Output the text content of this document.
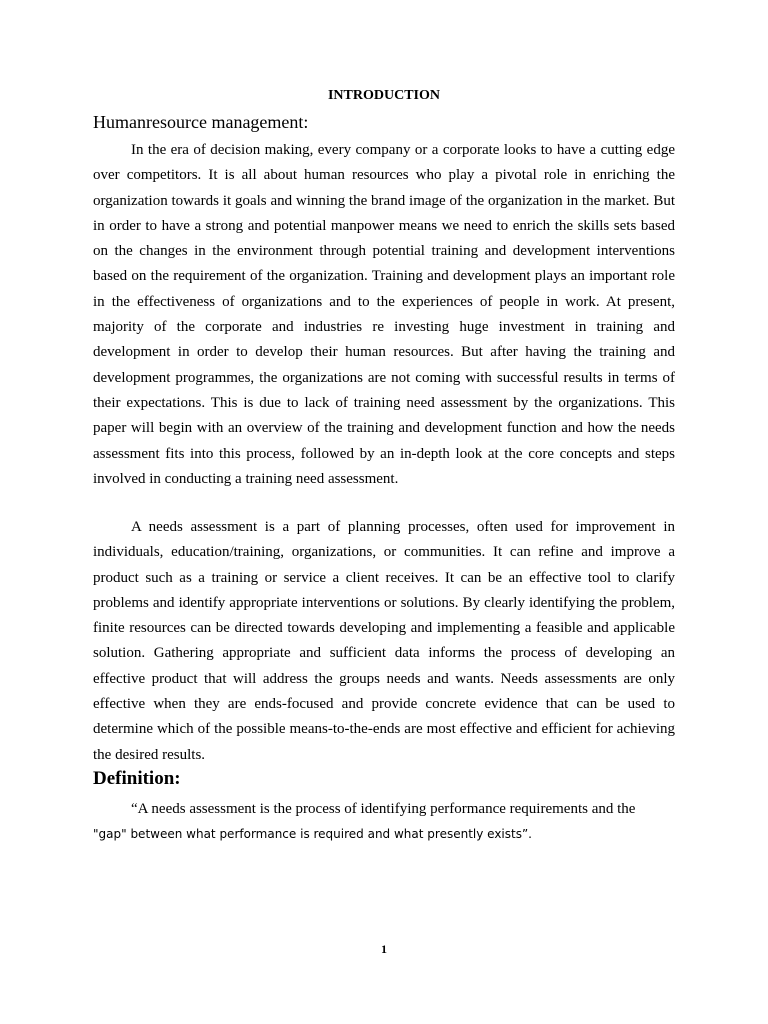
INTRODUCTION
Humanresource management:

In the era of decision making, every company or a corporate looks to have a cutting edge over competitors. It is all about human resources who play a pivotal role in enriching the organization towards it goals and winning the brand image of the organization in the market. But in order to have a strong and potential manpower means we need to enrich the skills sets based on the changes in the environment through potential training and development interventions based on the requirement of the organization. Training and development plays an important role in the effectiveness of organizations and to the experiences of people in work. At present, majority of the corporate and industries re investing huge investment in training and development in order to develop their human resources. But after having the training and development programmes, the organizations are not coming with successful results in terms of their expectations. This is due to lack of training need assessment by the organizations. This paper will begin with an overview of the training and development function and how the needs assessment fits into this process, followed by an in-depth look at the core concepts and steps involved in conducting a training need assessment.

A needs assessment is a part of planning processes, often used for improvement in individuals, education/training, organizations, or communities. It can refine and improve a product such as a training or service a client receives. It can be an effective tool to clarify problems and identify appropriate interventions or solutions. By clearly identifying the problem, finite resources can be directed towards developing and implementing a feasible and applicable solution. Gathering appropriate and sufficient data informs the process of developing an effective product that will address the groups needs and wants. Needs assessments are only effective when they are ends-focused and provide concrete evidence that can be used to determine which of the possible means-to-the-ends are most effective and efficient for achieving the desired results.

Definition:

“A needs assessment is the process of identifying performance requirements and the

"gap" between what performance is required and what presently exists”.
1
